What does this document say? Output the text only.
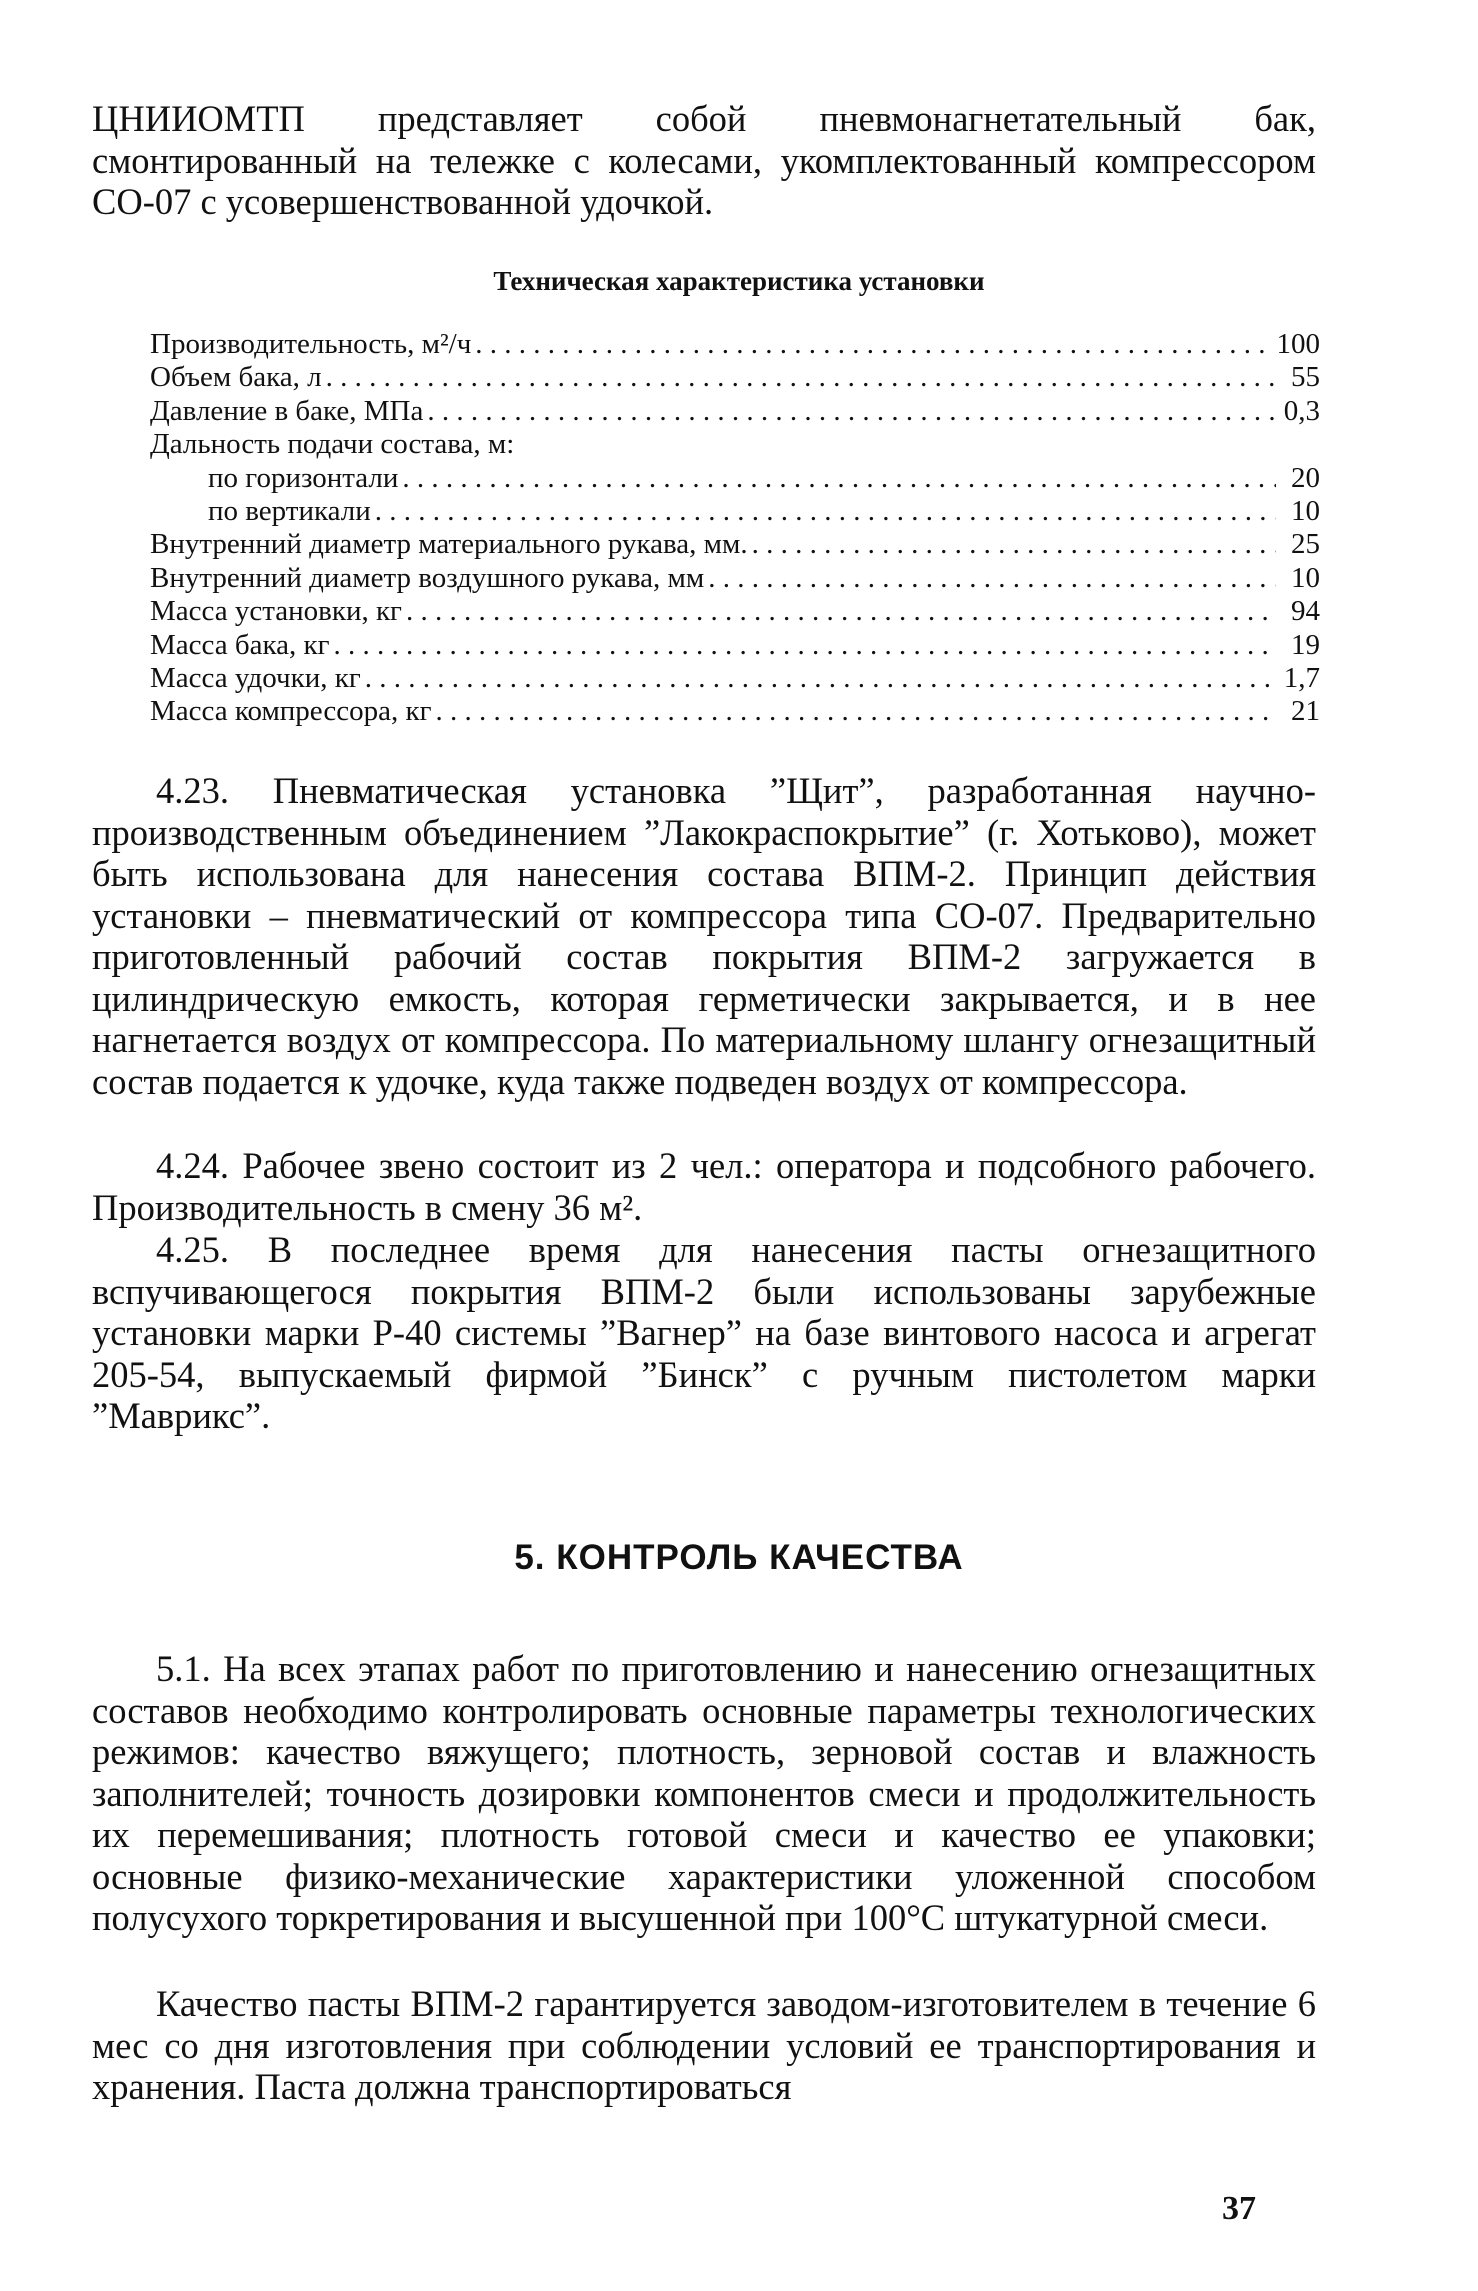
ЦНИИОМТП представляет собой пневмонагнетательный бак, смонтированный на тележке с колесами, укомплектованный компрессором СО-07 с усовершенствованной удочкой.

Техническая характеристика установки
Производительность, м²/ч . . .	100
Объем бака, л . . .	55
Давление в баке, МПа . . .	0,3
Дальность подачи состава, м:
по горизонтали . . .	20
по вертикали . . .	10
Внутренний диаметр материального рукава, мм. . . .	25
Внутренний диаметр воздушного рукава, мм . . .	10
Масса установки, кг . . .	94
Масса бака, кг . . .	19
Масса удочки, кг . . .	1,7
Масса компрессора, кг . . .	21

4.23. Пневматическая установка ”Щит”, разработанная научно-производственным объединением ”Лакокраспокрытие” (г. Хотьково), может быть использована для нанесения состава ВПМ-2. Принцип действия установки – пневматический от компрессора типа СО-07. Предварительно приготовленный рабочий состав покрытия ВПМ-2 загружается в цилиндрическую емкость, которая герметически закрывается, и в нее нагнетается воздух от компрессора. По материальному шлангу огнезащитный состав подается к удочке, куда также подведен воздух от компрессора.

4.24. Рабочее звено состоит из 2 чел.: оператора и подсобного рабочего. Производительность в смену 36 м².

4.25. В последнее время для нанесения пасты огнезащитного вспучивающегося покрытия ВПМ-2 были использованы зарубежные установки марки Р-40 системы ”Вагнер” на базе винтового насоса и агрегат 205-54, выпускаемый фирмой ”Бинск” с ручным пистолетом марки ”Маврикс”.

5. КОНТРОЛЬ КАЧЕСТВА

5.1. На всех этапах работ по приготовлению и нанесению огнезащитных составов необходимо контролировать основные параметры технологических режимов: качество вяжущего; плотность, зерновой состав и влажность заполнителей; точность дозировки компонентов смеси и продолжительность их перемешивания; плотность готовой смеси и качество ее упаковки; основные физико-механические характеристики уложенной способом полусухого торкретирования и высушенной при 100°С штукатурной смеси.

Качество пасты ВПМ-2 гарантируется заводом-изготовителем в течение 6 мес со дня изготовления при соблюдении условий ее транспортирования и хранения. Паста должна транспортироваться

37
